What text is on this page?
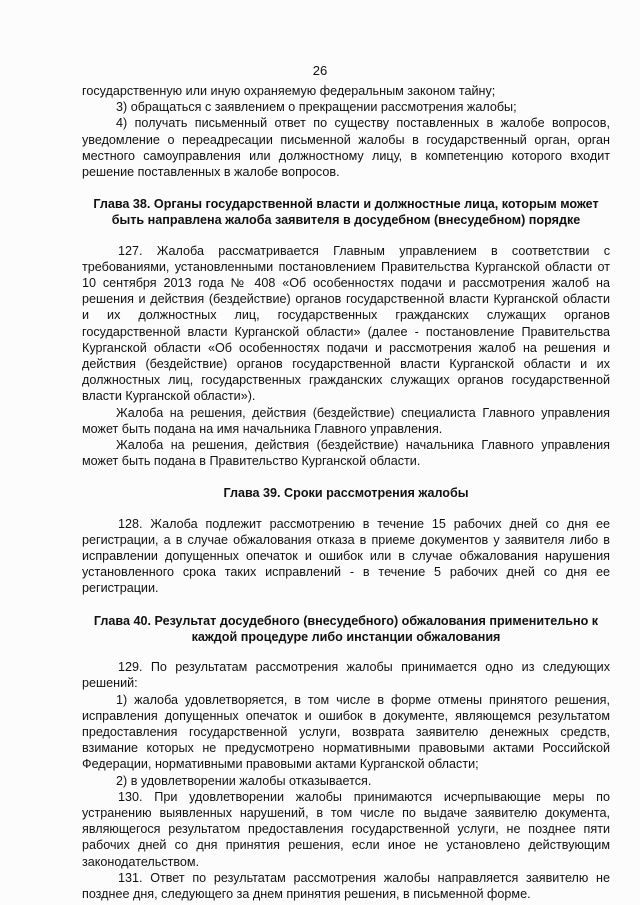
26

государственную или иную охраняемую федеральным законом тайну;

3) обращаться с заявлением о прекращении рассмотрения жалобы;

4) получать письменный ответ по существу поставленных в жалобе вопросов, уведомление о переадресации письменной жалобы в государственный орган, орган местного самоуправления или должностному лицу, в компетенцию которого входит решение поставленных в жалобе вопросов.

Глава 38. Органы государственной власти и должностные лица, которым может быть направлена жалоба заявителя в досудебном (внесудебном) порядке

127. Жалоба рассматривается Главным управлением в соответствии с требованиями, установленными постановлением Правительства Курганской области от 10 сентября 2013 года № 408 «Об особенностях подачи и рассмотрения жалоб на решения и действия (бездействие) органов государственной власти Курганской области и их должностных лиц, государственных гражданских служащих органов государственной власти Курганской области» (далее - постановление Правительства Курганской области «Об особенностях подачи и рассмотрения жалоб на решения и действия (бездействие) органов государственной власти Курганской области и их должностных лиц, государственных гражданских служащих органов государственной власти Курганской области»).

Жалоба на решения, действия (бездействие) специалиста Главного управления может быть подана на имя начальника Главного управления.

Жалоба на решения, действия (бездействие) начальника Главного управления может быть подана в Правительство Курганской области.

Глава 39. Сроки рассмотрения жалобы

128. Жалоба подлежит рассмотрению в течение 15 рабочих дней со дня ее регистрации, а в случае обжалования отказа в приеме документов у заявителя либо в исправлении допущенных опечаток и ошибок или в случае обжалования нарушения установленного срока таких исправлений - в течение 5 рабочих дней со дня ее регистрации.

Глава 40. Результат досудебного (внесудебного) обжалования применительно к каждой процедуре либо инстанции обжалования

129. По результатам рассмотрения жалобы принимается одно из следующих решений:

1) жалоба удовлетворяется, в том числе в форме отмены принятого решения, исправления допущенных опечаток и ошибок в документе, являющемся результатом предоставления государственной услуги, возврата заявителю денежных средств, взимание которых не предусмотрено нормативными правовыми актами Российской Федерации, нормативными правовыми актами Курганской области;

2) в удовлетворении жалобы отказывается.

130. При удовлетворении жалобы принимаются исчерпывающие меры по устранению выявленных нарушений, в том числе по выдаче заявителю документа, являющегося результатом предоставления государственной услуги, не позднее пяти рабочих дней со дня принятия решения, если иное не установлено действующим законодательством.

131. Ответ по результатам рассмотрения жалобы направляется заявителю не позднее дня, следующего за днем принятия решения, в письменной форме.
